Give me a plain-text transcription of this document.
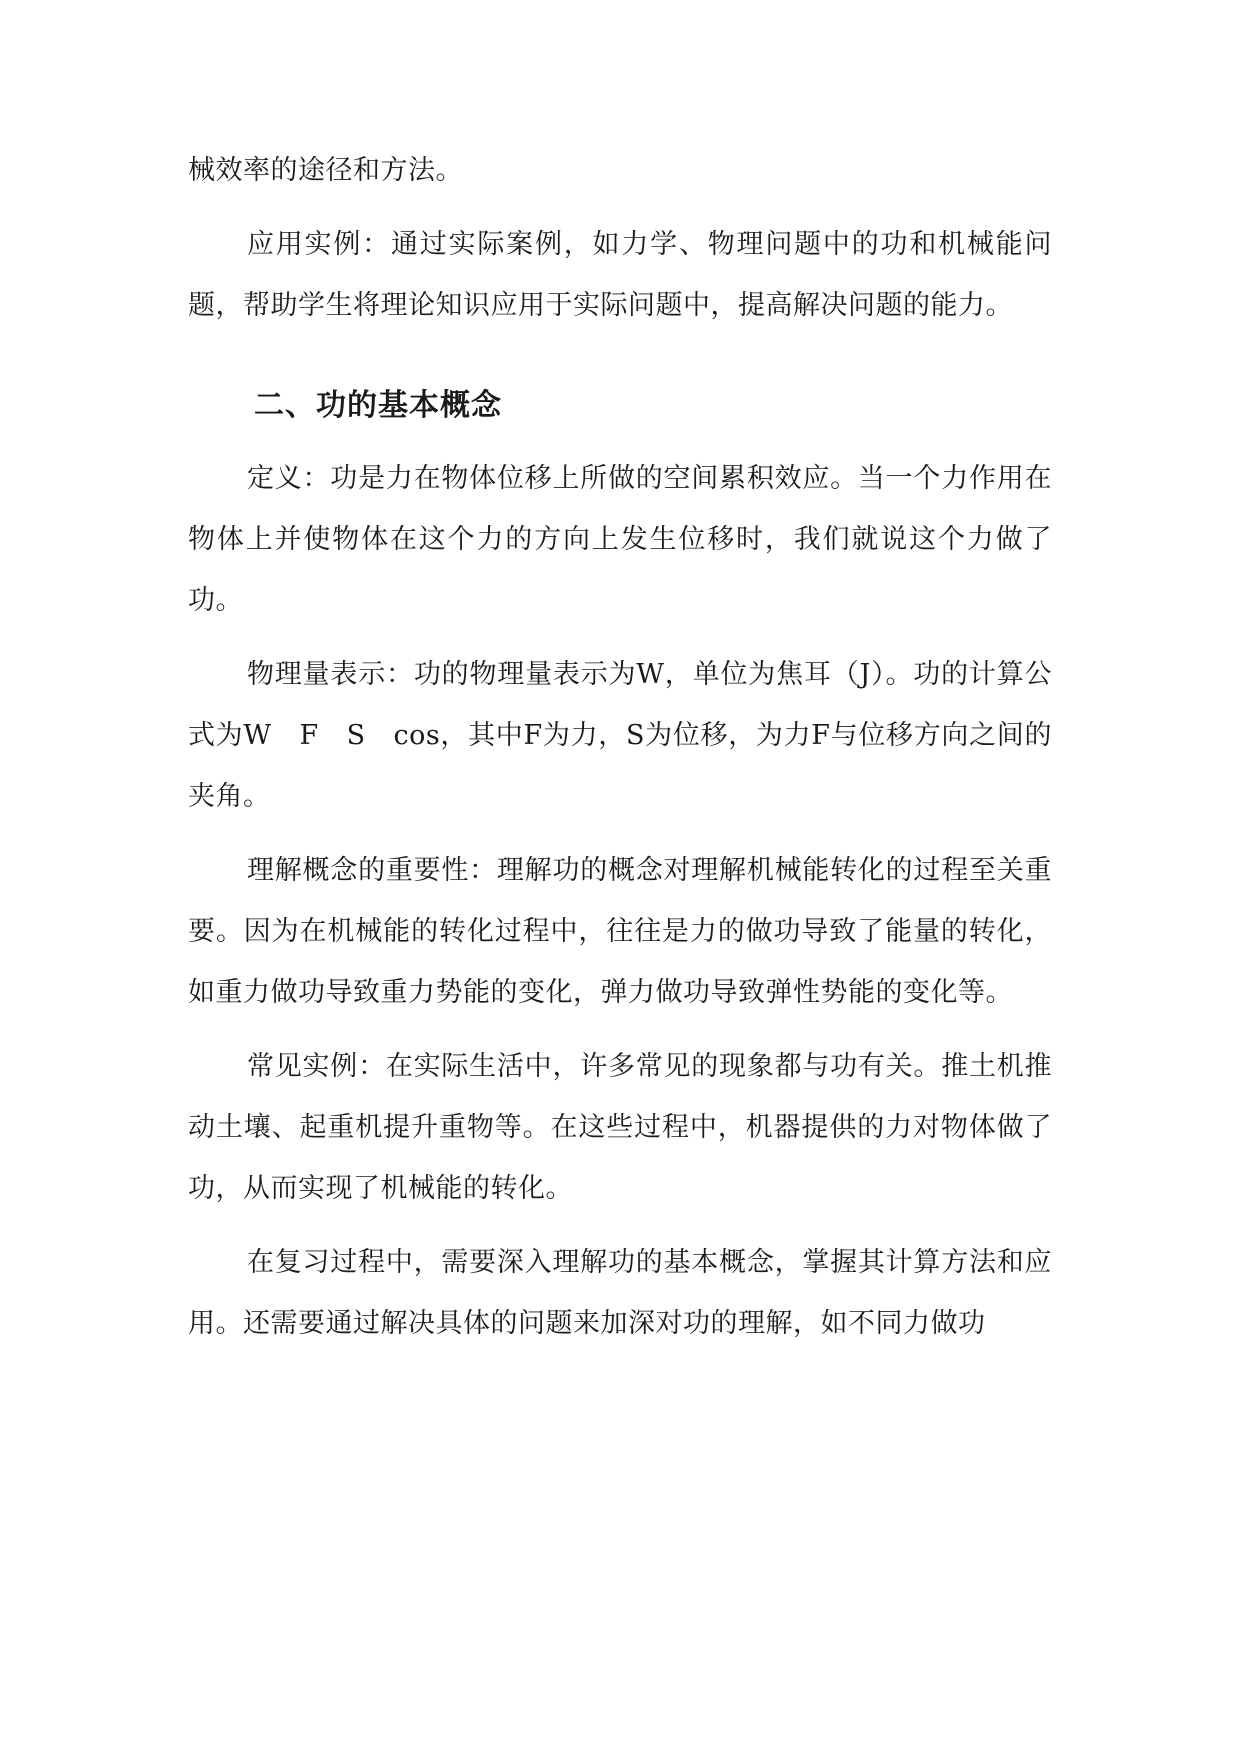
械效率的途径和方法。

应用实例：通过实际案例，如力学、物理问题中的功和机械能问题，帮助学生将理论知识应用于实际问题中，提高解决问题的能力。

二、功的基本概念

定义：功是力在物体位移上所做的空间累积效应。当一个力作用在物体上并使物体在这个力的方向上发生位移时，我们就说这个力做了功。

物理量表示：功的物理量表示为W，单位为焦耳（J）。功的计算公式为W　F　S　cos，其中F为力，S为位移，为力F与位移方向之间的夹角。

理解概念的重要性：理解功的概念对理解机械能转化的过程至关重要。因为在机械能的转化过程中，往往是力的做功导致了能量的转化，如重力做功导致重力势能的变化，弹力做功导致弹性势能的变化等。

常见实例：在实际生活中，许多常见的现象都与功有关。推土机推动土壤、起重机提升重物等。在这些过程中，机器提供的力对物体做了功，从而实现了机械能的转化。

在复习过程中，需要深入理解功的基本概念，掌握其计算方法和应用。还需要通过解决具体的问题来加深对功的理解，如不同力做功
